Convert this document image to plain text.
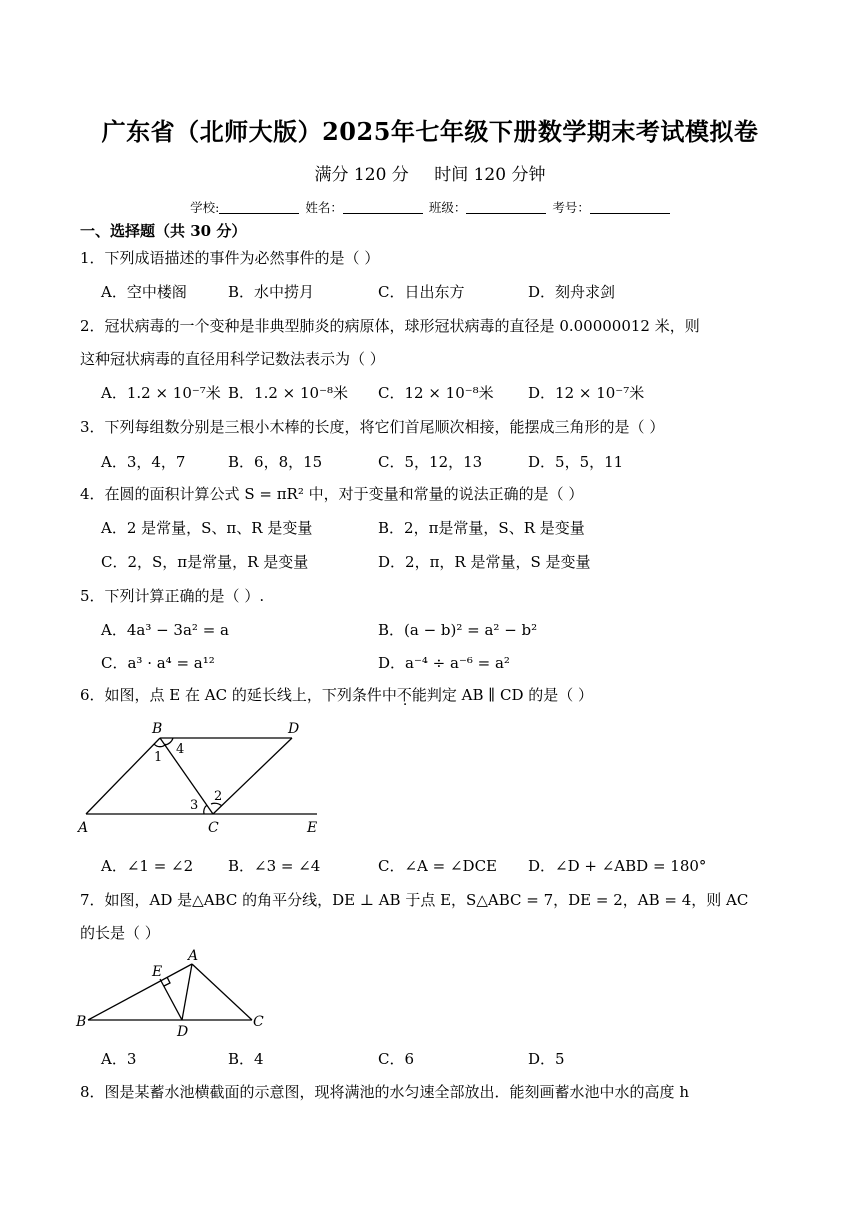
广东省（北师大版）2025年七年级下册数学期末考试模拟卷
满分 120 分 时间 120 分钟
学校:	姓名：	班级：	考号：
一、选择题（共 30 分）
1．下列成语描述的事件为必然事件的是（ ）
A．空中楼阁	B．水中捞月	C．日出东方	D．刻舟求剑
2．冠状病毒的一个变种是非典型肺炎的病原体，球形冠状病毒的直径是 0.00000012 米，则
这种冠状病毒的直径用科学记数法表示为（ ）
A．1.2 × 10⁻⁷米 B．1.2 × 10⁻⁸米 C．12 × 10⁻⁸米 D．12 × 10⁻⁷米
3．下列每组数分别是三根小木棒的长度，将它们首尾顺次相接，能摆成三角形的是（ ）
A．3，4，7	B．6，8，15	C．5，12，13	D．5，5，11
4．在圆的面积计算公式 S = πR² 中，对于变量和常量的说法正确的是（ ）
A．2 是常量，S、π、R 是变量	B．2，π是常量，S、R 是变量
C．2，S，π是常量，R 是变量	D．2，π，R 是常量，S 是变量
5．下列计算正确的是（ ）.
A．4a³ − 3a² = a	B．(a − b)² = a² − b²
C．a³ · a⁴ = a¹²	D．a⁻⁴ ÷ a⁻⁶ = a²
6．如图，点 E 在 AC 的延长线上，下列条件中不能判定 AB ∥ CD 的是（ ）
B	D
A	C	E
4
1
2
3
A．∠1 = ∠2 B．∠3 = ∠4	C．∠A = ∠DCE D．∠D + ∠ABD = 180°
7．如图，AD 是△ABC 的角平分线，DE ⊥ AB 于点 E，S△ABC = 7，DE = 2，AB = 4，则 AC
的长是（ ）
E
A
B
D
C
A．3	B．4	C．6	D．5
8．图是某蓄水池横截面的示意图，现将满池的水匀速全部放出．能刻画蓄水池中水的高度 h
